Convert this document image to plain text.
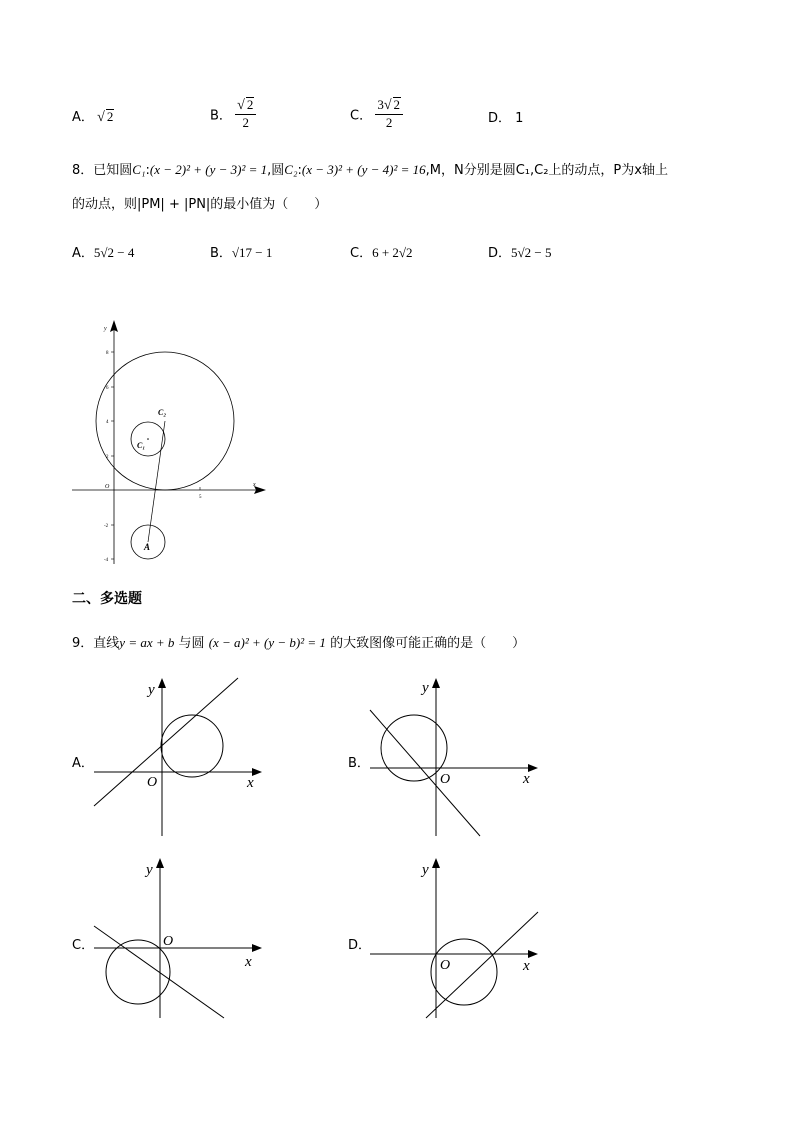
A． √ 2	B． $\frac{√ 2}{2}$	C． $\frac{3√ 2}{2}$	D． 1
8．已知圆C₁:(x − 2)² + (y − 3)² = 1,圆C₂:(x − 3)² + (y − 4)² = 16,M，N分别是圆C₁,C₂上的动点，P为x轴上
的动点，则|PM| + |PN|的最小值为（　　）
A．5√2 − 4	B．√17 − 1	C．6 + 2√2	D．5√2 − 5
8
6
4
2
-2
-4
5
y
x
O
C₁
C₂
A
二、多选题
9．直线y = ax + b 与圆 (x − a)² + (y − b)² = 1 的大致图像可能正确的是（　　）
A．
y
x
O
B．
y
x
O
C．
y
x
O	D．
y
x
O
